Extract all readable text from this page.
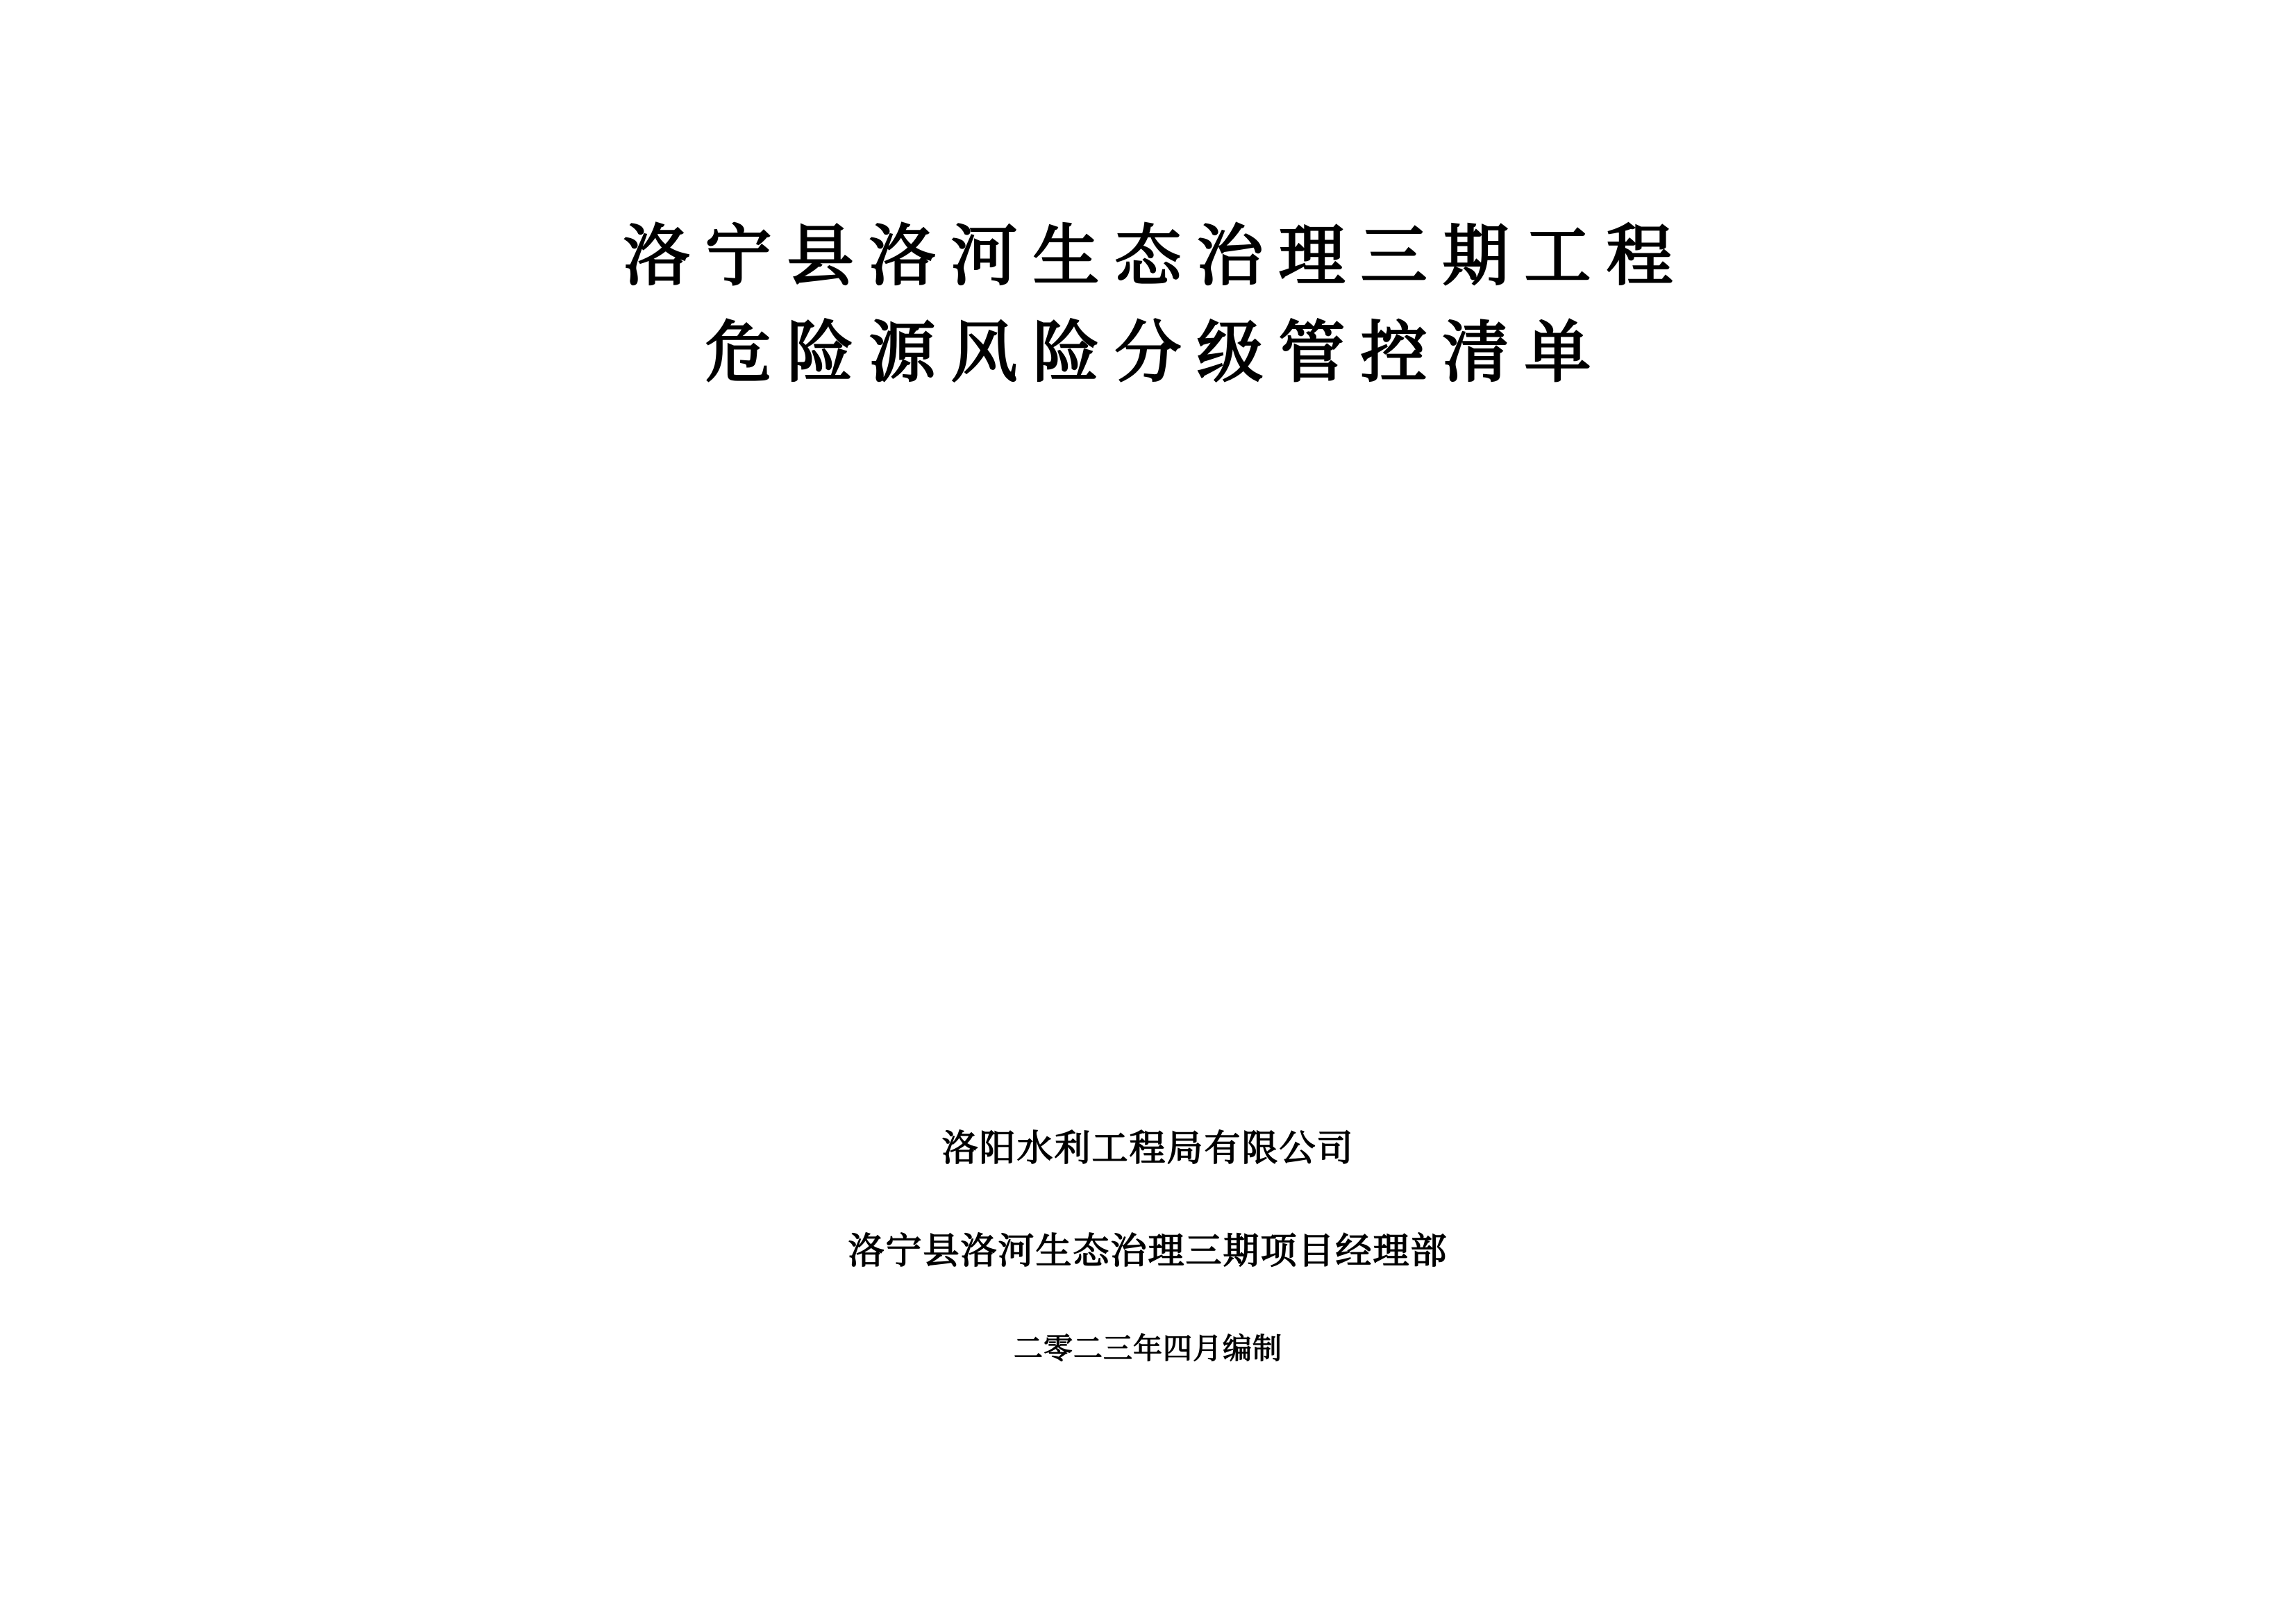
洛宁县洛河生态治理三期工程
危险源风险分级管控清单
洛阳水利工程局有限公司
洛宁县洛河生态治理三期项目经理部
二零二三年四月编制
